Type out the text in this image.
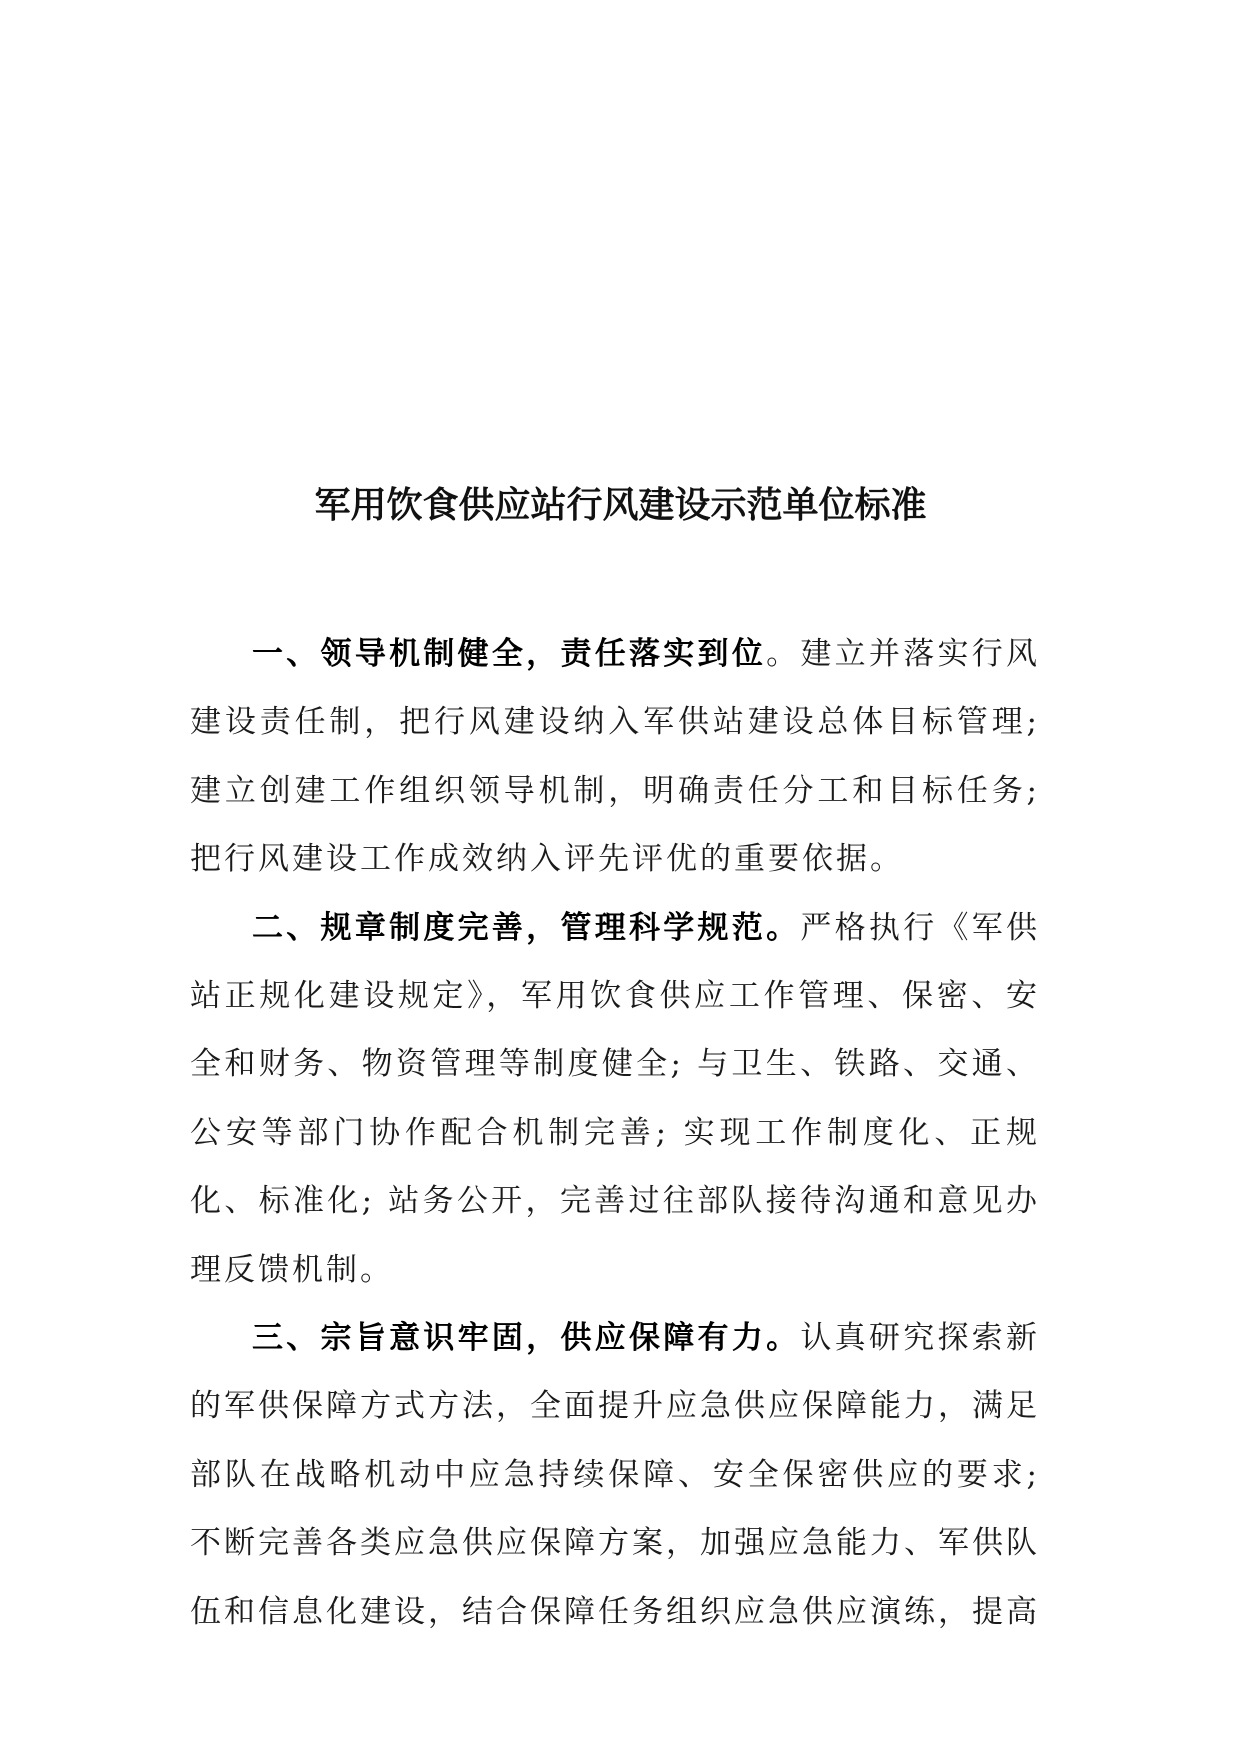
军用饮食供应站行风建设示范单位标准

一、领导机制健全，责任落实到位。建立并落实行风建设责任制，把行风建设纳入军供站建设总体目标管理;建立创建工作组织领导机制，明确责任分工和目标任务;把行风建设工作成效纳入评先评优的重要依据。

二、规章制度完善，管理科学规范。严格执行《军供站正规化建设规定》，军用饮食供应工作管理、保密、安全和财务、物资管理等制度健全; 与卫生、铁路、交通、公安等部门协作配合机制完善; 实现工作制度化、正规化、标准化; 站务公开，完善过往部队接待沟通和意见办理反馈机制。

三、宗旨意识牢固，供应保障有力。认真研究探索新的军供保障方式方法，全面提升应急供应保障能力，满足部队在战略机动中应急持续保障、安全保密供应的要求;不断完善各类应急供应保障方案，加强应急能力、军供队伍和信息化建设，结合保障任务组织应急供应演练，提高
